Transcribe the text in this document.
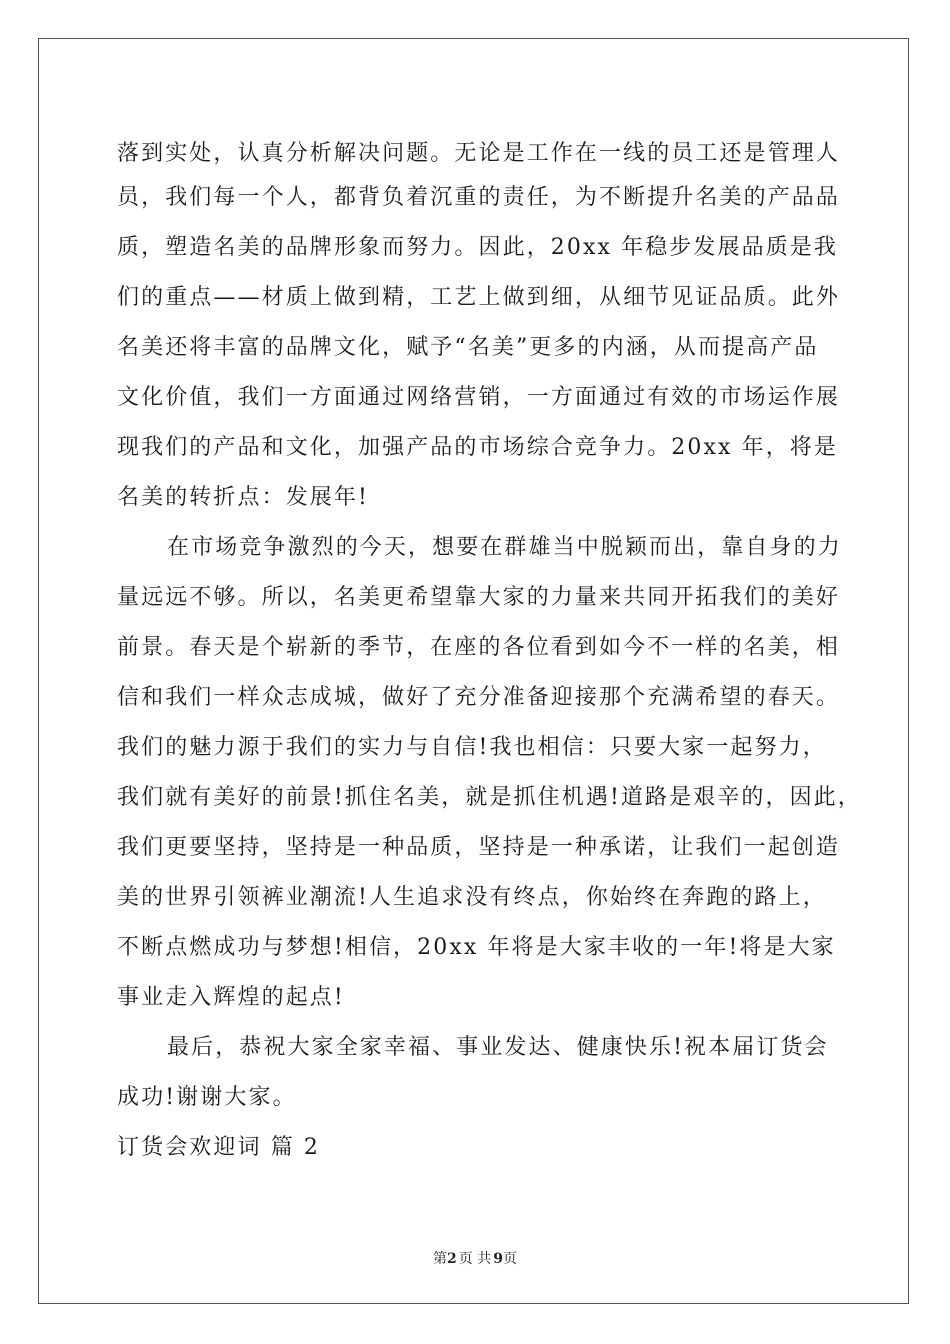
落到实处，认真分析解决问题。无论是工作在一线的员工还是管理人
员，我们每一个人，都背负着沉重的责任，为不断提升名美的产品品
质，塑造名美的品牌形象而努力。因此，20xx 年稳步发展品质是我
们的重点——材质上做到精，工艺上做到细，从细节见证品质。此外
名美还将丰富的品牌文化，赋予“名美”更多的内涵，从而提高产品
文化价值，我们一方面通过网络营销，一方面通过有效的市场运作展
现我们的产品和文化，加强产品的市场综合竞争力。20xx 年，将是
名美的转折点：发展年!
在市场竞争激烈的今天，想要在群雄当中脱颖而出，靠自身的力
量远远不够。所以，名美更希望靠大家的力量来共同开拓我们的美好
前景。春天是个崭新的季节，在座的各位看到如今不一样的名美，相
信和我们一样众志成城，做好了充分准备迎接那个充满希望的春天。
我们的魅力源于我们的实力与自信!我也相信：只要大家一起努力，
我们就有美好的前景!抓住名美，就是抓住机遇!道路是艰辛的，因此，
我们更要坚持，坚持是一种品质，坚持是一种承诺，让我们一起创造
美的世界引领裤业潮流!人生追求没有终点，你始终在奔跑的路上，
不断点燃成功与梦想!相信，20xx 年将是大家丰收的一年!将是大家
事业走入辉煌的起点!
最后，恭祝大家全家幸福、事业发达、健康快乐!祝本届订货会
成功!谢谢大家。
订货会欢迎词 篇 2
第2 页 共 9页
